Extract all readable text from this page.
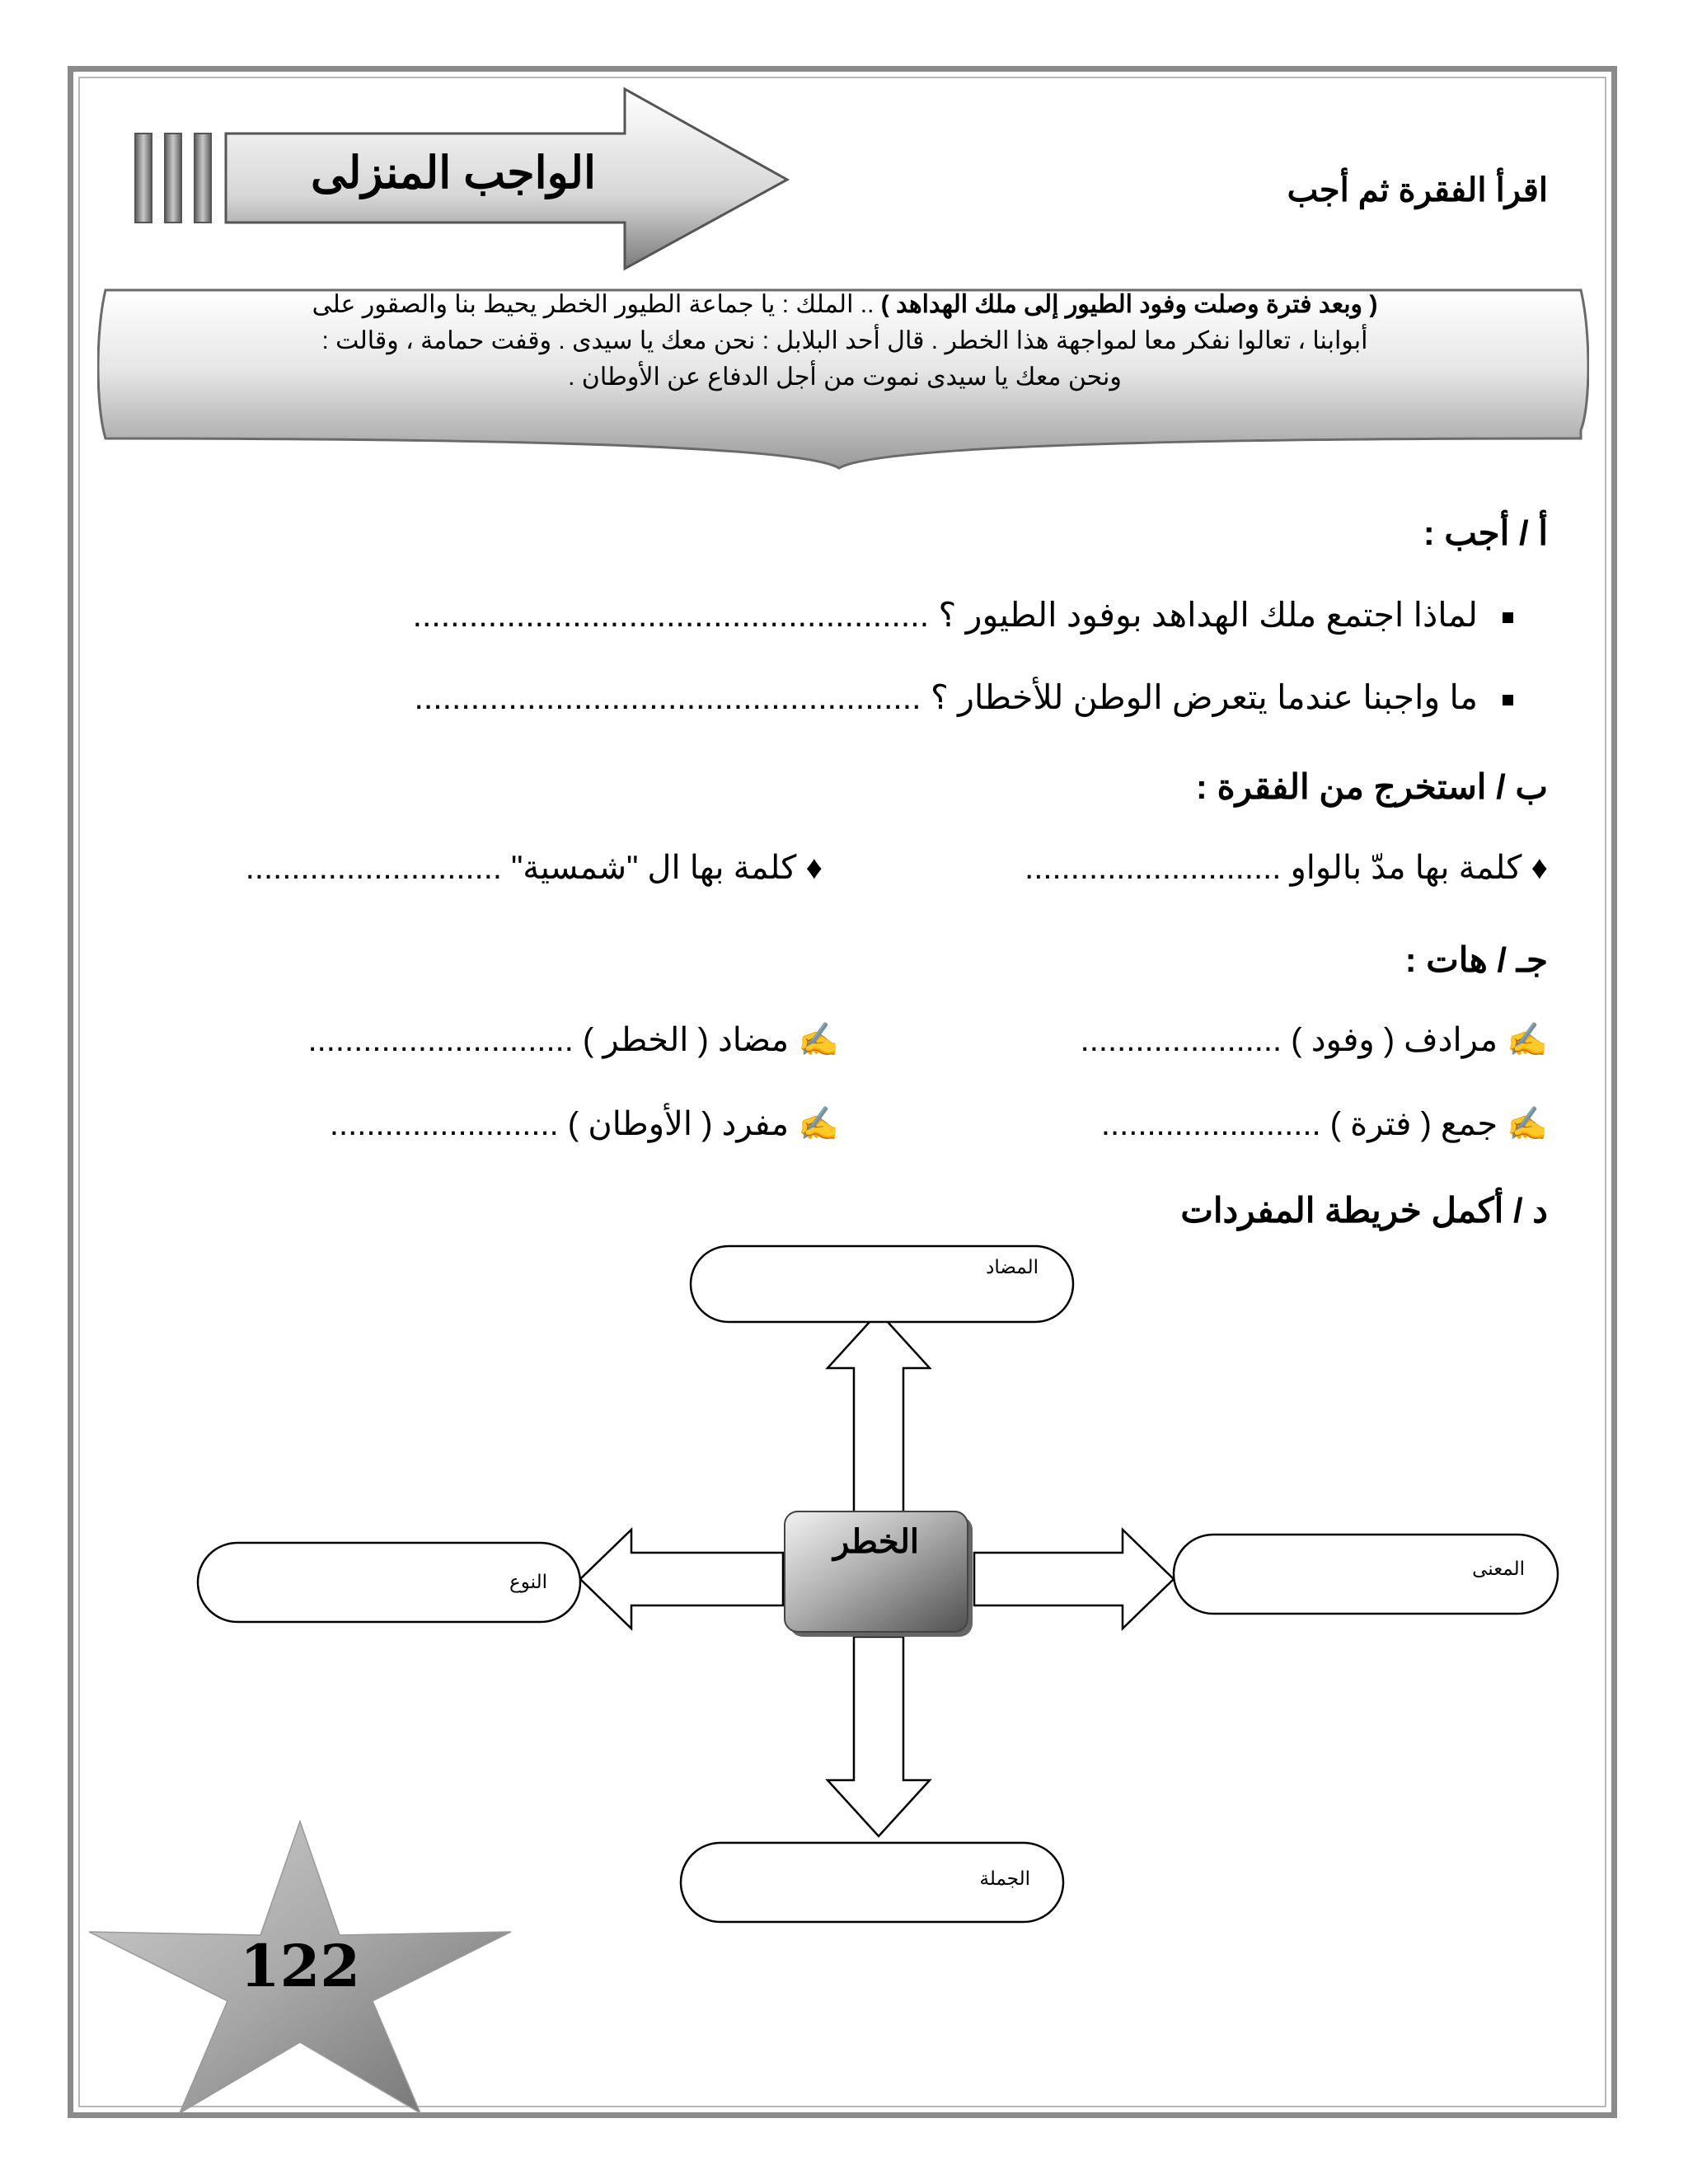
الواجب المنزلى	اقرأ الفقرة ثم أجب
( وبعد فترة وصلت وفود الطيور إلى ملك الهداهد ) .. الملك : يا جماعة الطيور الخطر يحيط بنا والصقور على
أبوابنا ، تعالوا نفكر معا لمواجهة هذا الخطر . قال أحد البلابل : نحن معك يا سيدى . وقفت حمامة ، وقالت :
ونحن معك يا سيدى نموت من أجل الدفاع عن الأوطان .
أ / أجب :
لماذا اجتمع ملك الهداهد بوفود الطيور ؟ .......................................................
ما واجبنا عندما يتعرض الوطن للأخطار ؟ ......................................................
ب / استخرج من الفقرة :
♦ كلمة بها مدّ بالواو ............................
♦ كلمة بها ال "شمسية" ............................
جـ / هات :
✍ مرادف ( وفود ) ......................
✍ مضاد ( الخطر ) .............................
✍ جمع ( فترة ) ........................
✍ مفرد ( الأوطان ) .........................
د / أكمل خريطة المفردات
الخطر
المضاد
المعنى
النوع
الجملة
122
